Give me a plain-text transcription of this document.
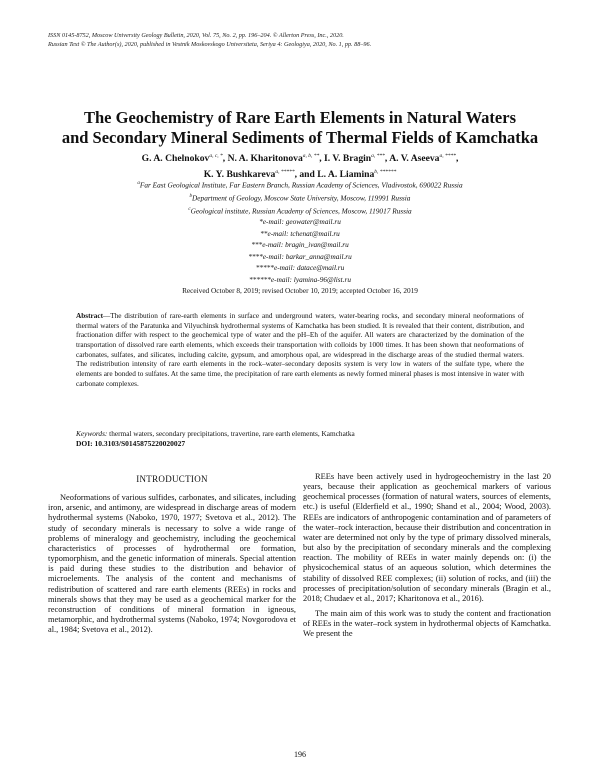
ISSN 0145-8752, Moscow University Geology Bulletin, 2020, Vol. 75, No. 2, pp. 196–204. © Allerton Press, Inc., 2020.
Russian Text © The Author(s), 2020, published in Vestnik Moskovskogo Universiteta, Seriya 4: Geologiya, 2020, No. 1, pp. 88–96.
The Geochemistry of Rare Earth Elements in Natural Waters
and Secondary Mineral Sediments of Thermal Fields of Kamchatka
G. A. Chelnokov$^{a, c, *}$, N. A. Kharitonova$^{a, b, **}$, I. V. Bragin$^{a, ***}$, A. V. Aseeva$^{a, ****}$,
K. Y. Bushkareva$^{a, *****}$, and L. A. Liamina$^{b, ******}$
$^a$Far East Geological Institute, Far Eastern Branch, Russian Academy of Sciences, Vladivostok, 690022 Russia
$^b$Department of Geology, Moscow State University, Moscow, 119991 Russia
$^c$Geological institute, Russian Academy of Sciences, Moscow, 119017 Russia
*e-mail: geowater@mail.ru
**e-mail: tchenat@mail.ru
***e-mail: bragin_ivan@mail.ru
****e-mail: barkar_anna@mail.ru
*****e-mail: datace@mail.ru
******e-mail: lyamina-96@list.ru
Received October 8, 2019; revised October 10, 2019; accepted October 16, 2019
Abstract—The distribution of rare-earth elements in surface and underground waters, water-bearing rocks, and secondary mineral neoformations of thermal waters of the Paratunka and Vilyuchinsk hydrothermal systems of Kamchatka has been studied. It is revealed that their content, distribution, and fractionation differ with respect to the geochemical type of water and the pH–Eh of the aquifer. All waters are characterized by the domination of the transportation of dissolved rare earth elements, which exceeds their transportation with colloids by 1000 times. It has been shown that neoformations of carbonates, sulfates, and silicates, including calcite, gypsum, and amorphous opal, are widespread in the discharge areas of the studied thermal waters. The redistribution intensity of rare earth elements in the rock–water–secondary deposits system is very low in waters of the sulfate type, where the elements are bonded to sulfates. At the same time, the precipitation of rare earth elements as newly formed mineral phases is most intensive in water with carbonate complexes.
Keywords: thermal waters, secondary precipitations, travertine, rare earth elements, Kamchatka
DOI: 10.3103/S0145875220020027
INTRODUCTION

Neoformations of various sulfides, carbonates, and silicates, including iron, arsenic, and antimony, are widespread in discharge areas of modern hydrothermal systems (Naboko, 1970, 1977; Svetova et al., 2012). The study of secondary minerals is necessary to solve a wide range of problems of mineralogy and geochemistry, including the geochemical characteristics of processes of hydrothermal ore formation, typomorphism, and the genetic information of minerals. Special attention is paid during these studies to the distribution and behavior of microelements. The analysis of the content and mechanisms of redistribution of scattered and rare earth elements (REEs) in rocks and minerals shows that they may be used as a geochemical marker for the reconstruction of conditions of mineral formation in igneous, metamorphic, and hydrothermal systems (Naboko, 1974; Novgorodova et al., 1984; Svetova et al., 2012).

REEs have been actively used in hydrogeochemistry in the last 20 years, because their application as geochemical markers of various geochemical processes (formation of natural waters, sources of elements, etc.) is useful (Elderfield et al., 1990; Shand et al., 2004; Wood, 2003). REEs are indicators of anthropogenic contamination and of parameters of the water–rock interaction, because their distribution and concentration in water are determined not only by the type of primary dissolved minerals, but also by the precipitation of secondary minerals and the complexing reaction. The mobility of REEs in water mainly depends on: (i) the physicochemical status of an aqueous solution, which determines the stability of dissolved REE complexes; (ii) solution of rocks, and (iii) the processes of precipitation/solution of secondary minerals (Bragin et al., 2018; Chudaev et al., 2017; Kharitonova et al., 2016).

The main aim of this work was to study the content and fractionation of REEs in the water–rock system in hydrothermal objects of Kamchatka. We present the

196
